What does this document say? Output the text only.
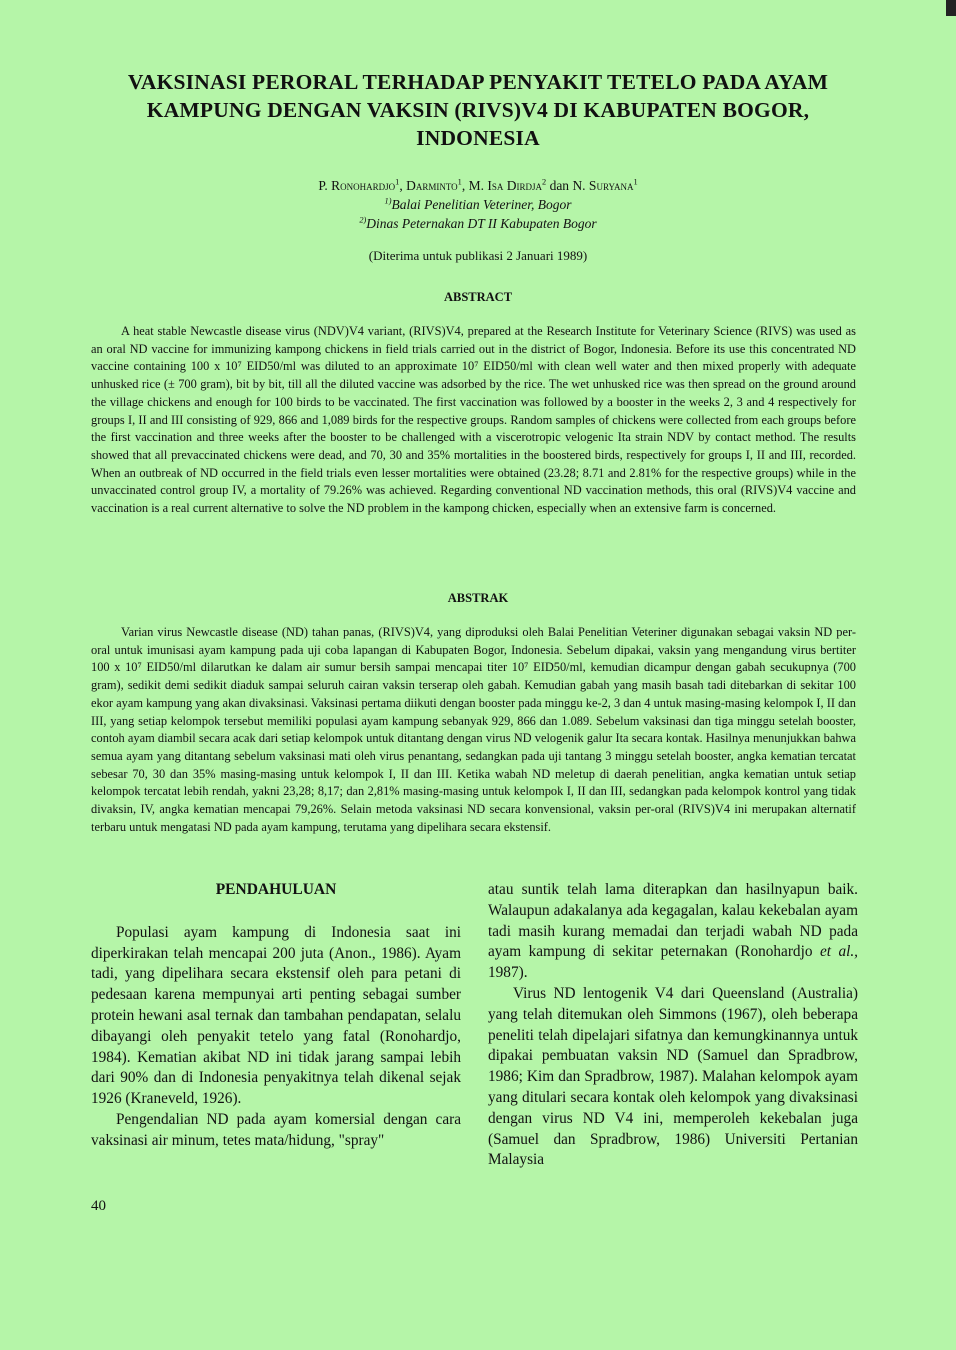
VAKSINASI PERORAL TERHADAP PENYAKIT TETELO PADA AYAM KAMPUNG DENGAN VAKSIN (RIVS)V4 DI KABUPATEN BOGOR, INDONESIA
P. Ronohardjo$^1$, Darminto$^1$, M. Isa Dirdja$^2$ dan N. Suryana$^1$
$^{1)}$Balai Penelitian Veteriner, Bogor
$^{2)}$Dinas Peternakan DT II Kabupaten Bogor
(Diterima untuk publikasi 2 Januari 1989)
ABSTRACT

A heat stable Newcastle disease virus (NDV)V4 variant, (RIVS)V4, prepared at the Research Institute for Veterinary Science (RIVS) was used as an oral ND vaccine for immunizing kampong chickens in field trials carried out in the district of Bogor, Indonesia. Before its use this concentrated ND vaccine containing 100 x 10⁷ EID50/ml was diluted to an approximate 10⁷ EID50/ml with clean well water and then mixed properly with adequate unhusked rice (± 700 gram), bit by bit, till all the diluted vaccine was adsorbed by the rice. The wet unhusked rice was then spread on the ground around the village chickens and enough for 100 birds to be vaccinated. The first vaccination was followed by a booster in the weeks 2, 3 and 4 respectively for groups I, II and III consisting of 929, 866 and 1,089 birds for the respective groups. Random samples of chickens were collected from each groups before the first vaccination and three weeks after the booster to be challenged with a viscerotropic velogenic Ita strain NDV by contact method. The results showed that all prevaccinated chickens were dead, and 70, 30 and 35% mortalities in the boostered birds, respectively for groups I, II and III, recorded. When an outbreak of ND occurred in the field trials even lesser mortalities were obtained (23.28; 8.71 and 2.81% for the respective groups) while in the unvaccinated control group IV, a mortality of 79.26% was achieved. Regarding conventional ND vaccination methods, this oral (RIVS)V4 vaccine and vaccination is a real current alternative to solve the ND problem in the kampong chicken, especially when an extensive farm is concerned.

ABSTRAK

Varian virus Newcastle disease (ND) tahan panas, (RIVS)V4, yang diproduksi oleh Balai Penelitian Veteriner digunakan sebagai vaksin ND per-oral untuk imunisasi ayam kampung pada uji coba lapangan di Kabupaten Bogor, Indonesia. Sebelum dipakai, vaksin yang mengandung virus bertiter 100 x 10⁷ EID50/ml dilarutkan ke dalam air sumur bersih sampai mencapai titer 10⁷ EID50/ml, kemudian dicampur dengan gabah secukupnya (700 gram), sedikit demi sedikit diaduk sampai seluruh cairan vaksin terserap oleh gabah. Kemudian gabah yang masih basah tadi ditebarkan di sekitar 100 ekor ayam kampung yang akan divaksinasi. Vaksinasi pertama diikuti dengan booster pada minggu ke-2, 3 dan 4 untuk masing-masing kelompok I, II dan III, yang setiap kelompok tersebut memiliki populasi ayam kampung sebanyak 929, 866 dan 1.089. Sebelum vaksinasi dan tiga minggu setelah booster, contoh ayam diambil secara acak dari setiap kelompok untuk ditantang dengan virus ND velogenik galur Ita secara kontak. Hasilnya menunjukkan bahwa semua ayam yang ditantang sebelum vaksinasi mati oleh virus penantang, sedangkan pada uji tantang 3 minggu setelah booster, angka kematian tercatat sebesar 70, 30 dan 35% masing-masing untuk kelompok I, II dan III. Ketika wabah ND meletup di daerah penelitian, angka kematian untuk setiap kelompok tercatat lebih rendah, yakni 23,28; 8,17; dan 2,81% masing-masing untuk kelompok I, II dan III, sedangkan pada kelompok kontrol yang tidak divaksin, IV, angka kematian mencapai 79,26%. Selain metoda vaksinasi ND secara konvensional, vaksin per-oral (RIVS)V4 ini merupakan alternatif terbaru untuk mengatasi ND pada ayam kampung, terutama yang dipelihara secara ekstensif.

PENDAHULUAN

Populasi ayam kampung di Indonesia saat ini diperkirakan telah mencapai 200 juta (Anon., 1986). Ayam tadi, yang dipelihara secara ekstensif oleh para petani di pedesaan karena mempunyai arti penting sebagai sumber protein hewani asal ternak dan tambahan pendapatan, selalu dibayangi oleh penyakit tetelo yang fatal (Ronohardjo, 1984). Kematian akibat ND ini tidak jarang sampai lebih dari 90% dan di Indonesia penyakitnya telah dikenal sejak 1926 (Kraneveld, 1926).

Pengendalian ND pada ayam komersial dengan cara vaksinasi air minum, tetes mata/hidung, "spray"

atau suntik telah lama diterapkan dan hasilnyapun baik. Walaupun adakalanya ada kegagalan, kalau kekebalan ayam tadi masih kurang memadai dan terjadi wabah ND pada ayam kampung di sekitar peternakan (Ronohardjo et al., 1987).

Virus ND lentogenik V4 dari Queensland (Australia) yang telah ditemukan oleh Simmons (1967), oleh beberapa peneliti telah dipelajari sifatnya dan kemungkinannya untuk dipakai pembuatan vaksin ND (Samuel dan Spradbrow, 1986; Kim dan Spradbrow, 1987). Malahan kelompok ayam yang ditulari secara kontak oleh kelompok yang divaksinasi dengan virus ND V4 ini, memperoleh kekebalan juga (Samuel dan Spradbrow, 1986) Universiti Pertanian Malaysia

40
